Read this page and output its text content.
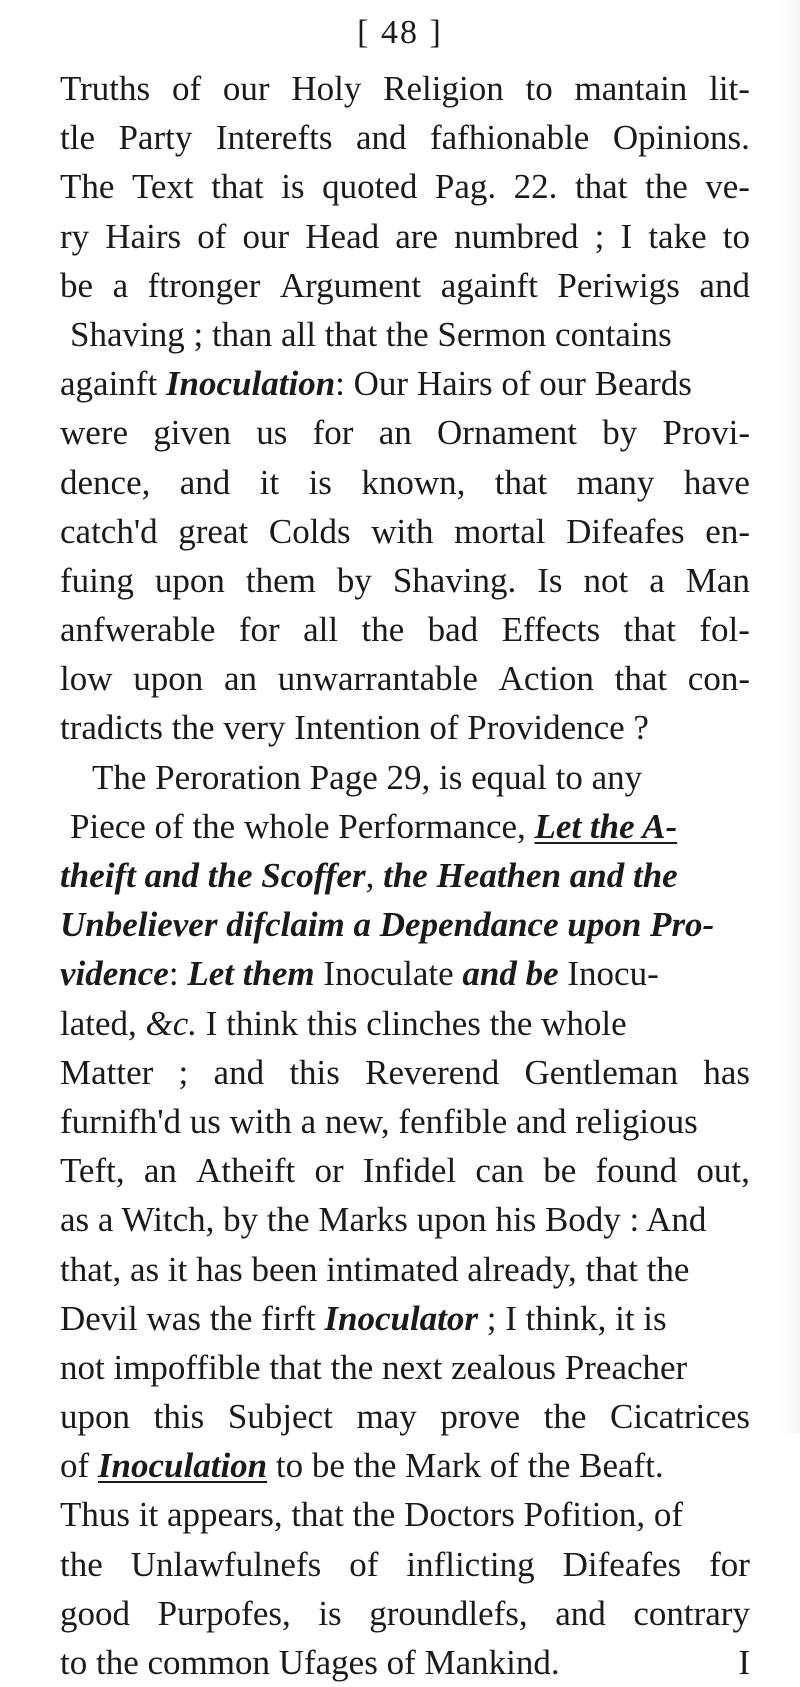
[ 48 ]
Truths of our Holy Religion to mantain lit-
tle Party Interefts and fafhionable Opinions.
The Text that is quoted Pag. 22. that the ve-
ry Hairs of our Head are numbred ; I take to
be a ftronger Argument againft Periwigs and
Shaving ; than all that the Sermon contains
againft Inoculation : Our Hairs of our Beards
were given us for an Ornament by Provi-
dence, and it is known, that many have
catch'd great Colds with mortal Difeafes en-
fuing upon them by Shaving. Is not a Man
anfwerable for all the bad Effects that fol-
low upon an unwarrantable Action that con-
tradicts the very Intention of Providence ?
The Peroration Page 29, is equal to any
Piece of the whole Performance, Let the A-
theift and the Scoffer , the Heathen and the
Unbeliever difclaim a Dependance upon Pro-
vidence : Let them Inoculate and be Inocu-
lated, &c. I think this clinches the whole
Matter ; and this Reverend Gentleman has
furnifh'd us with a new, fenfible and religious
Teft, an Atheift or Infidel can be found out,
as a Witch, by the Marks upon his Body : And
that, as it has been intimated already, that the
Devil was the firft Inoculator ; I think, it is
not impoffible that the next zealous Preacher
upon this Subject may prove the Cicatrices
of Inoculation to be the Mark of the Beaft.
Thus it appears, that the Doctors Pofition, of
the Unlawfulnefs of inflicting Difeafes for
good Purpofes, is groundlefs, and contrary
to the common Ufages of Mankind.	I
